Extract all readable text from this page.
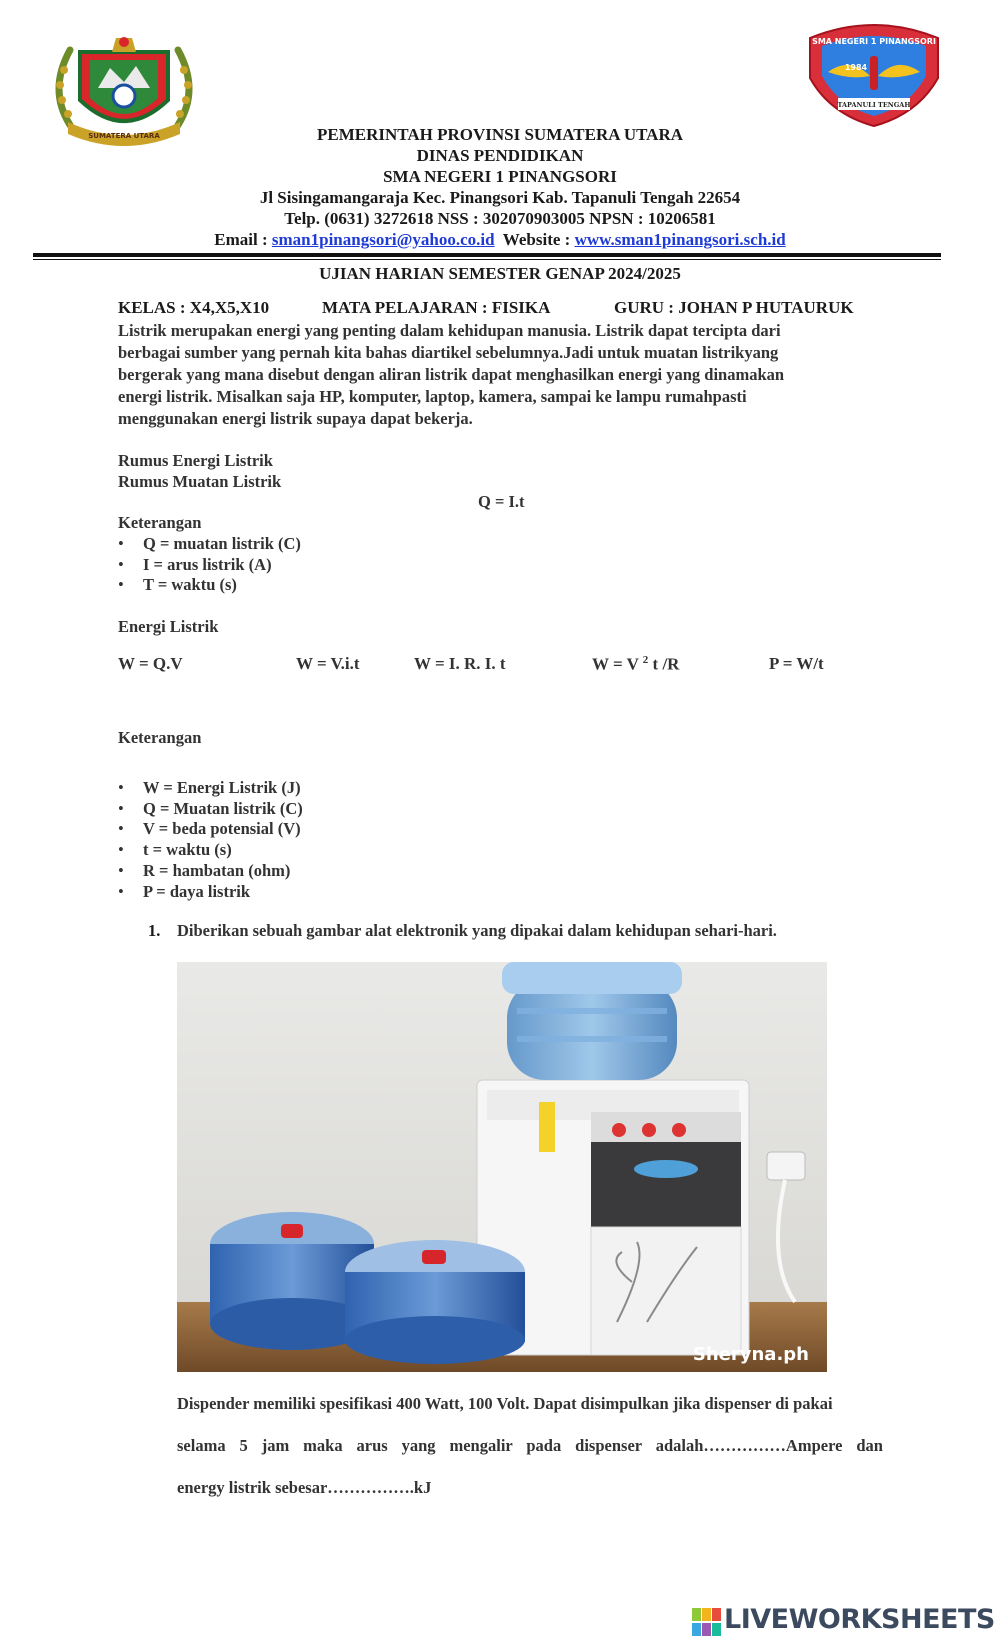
SUMATERA UTARA
SMA NEGERI 1 PINANGSORI
1984
TAPANULI TENGAH
PEMERINTAH PROVINSI SUMATERA UTARA
DINAS PENDIDIKAN
SMA NEGERI 1 PINANGSORI
Jl Sisingamangaraja Kec. Pinangsori Kab. Tapanuli Tengah 22654
Telp. (0631) 3272618 NSS : 302070903005 NPSN : 10206581
Email : sman1pinangsori@yahoo.co.id  Website : www.sman1pinangsori.sch.id
UJIAN HARIAN SEMESTER GENAP 2024/2025
KELAS : X4,X5,X10	MATA PELAJARAN : FISIKA	GURU : JOHAN P HUTAURUK
Listrik merupakan energi yang penting dalam kehidupan manusia. Listrik dapat tercipta dari
berbagai sumber yang pernah kita bahas diartikel sebelumnya.Jadi untuk muatan listrikyang
bergerak yang mana disebut dengan aliran listrik dapat menghasilkan energi yang dinamakan
energi listrik. Misalkan saja HP, komputer, laptop, kamera, sampai ke lampu rumahpasti
menggunakan energi listrik supaya dapat bekerja.
Rumus Energi Listrik
Rumus Muatan Listrik
Q = I.t
Keterangan
• Q = muatan listrik (C)
• I = arus listrik (A)
• T = waktu (s)
Energi Listrik
W = Q.V	W = V.i.t	W = I. R. I. t	W = V $^2$ t /R	P = W/t
Keterangan
• W = Energi Listrik (J)
• Q = Muatan listrik (C)
• V = beda potensial (V)
• t = waktu (s)
• R = hambatan (ohm)
• P = daya listrik
1. Diberikan sebuah gambar alat elektronik yang dipakai dalam kehidupan sehari-hari.
Sheryna.ph
Dispender memiliki spesifikasi 400 Watt, 100 Volt. Dapat disimpulkan jika dispenser di pakai
selama 5 jam maka arus yang mengalir pada dispenser adalah……………Ampere dan
energy listrik sebesar…………….kJ
LIVEWORKSHEETS
